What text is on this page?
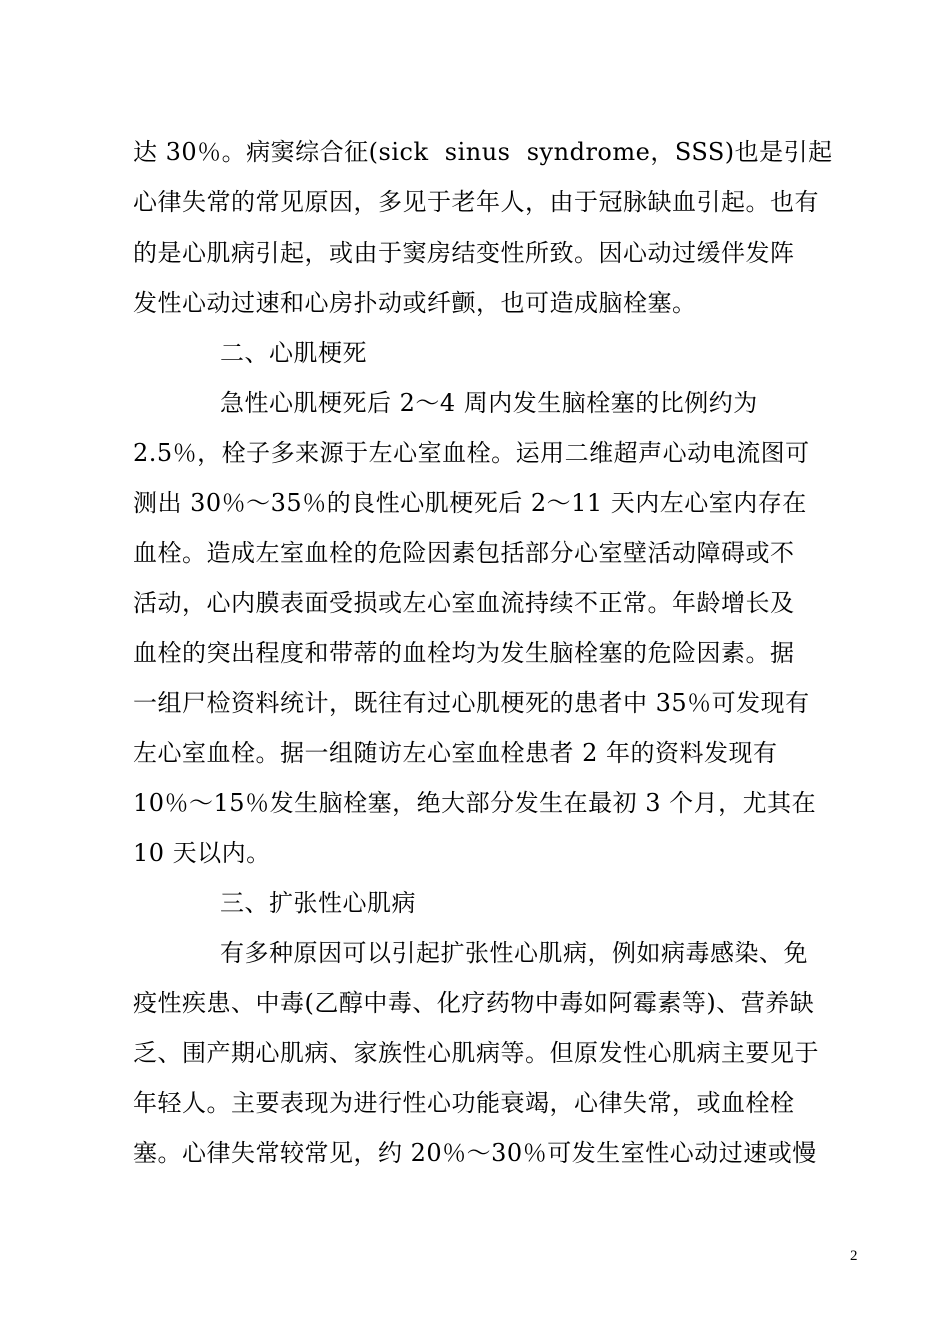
达 30％。病窦综合征(sick  sinus  syndrome，SSS)也是引起
心律失常的常见原因，多见于老年人，由于冠脉缺血引起。也有
的是心肌病引起，或由于窦房结变性所致。因心动过缓伴发阵
发性心动过速和心房扑动或纤颤，也可造成脑栓塞。
二、心肌梗死
急性心肌梗死后 2～4 周内发生脑栓塞的比例约为
2.5％，栓子多来源于左心室血栓。运用二维超声心动电流图可
测出 30％～35％的良性心肌梗死后 2～11 天内左心室内存在
血栓。造成左室血栓的危险因素包括部分心室壁活动障碍或不
活动，心内膜表面受损或左心室血流持续不正常。年龄增长及
血栓的突出程度和带蒂的血栓均为发生脑栓塞的危险因素。据
一组尸检资料统计，既往有过心肌梗死的患者中 35％可发现有
左心室血栓。据一组随访左心室血栓患者 2 年的资料发现有
10％～15％发生脑栓塞，绝大部分发生在最初 3 个月，尤其在
10 天以内。
三、扩张性心肌病
有多种原因可以引起扩张性心肌病，例如病毒感染、免
疫性疾患、中毒(乙醇中毒、化疗药物中毒如阿霉素等)、营养缺
乏、围产期心肌病、家族性心肌病等。但原发性心肌病主要见于
年轻人。主要表现为进行性心功能衰竭，心律失常，或血栓栓
塞。心律失常较常见，约 20％～30％可发生室性心动过速或慢
2
